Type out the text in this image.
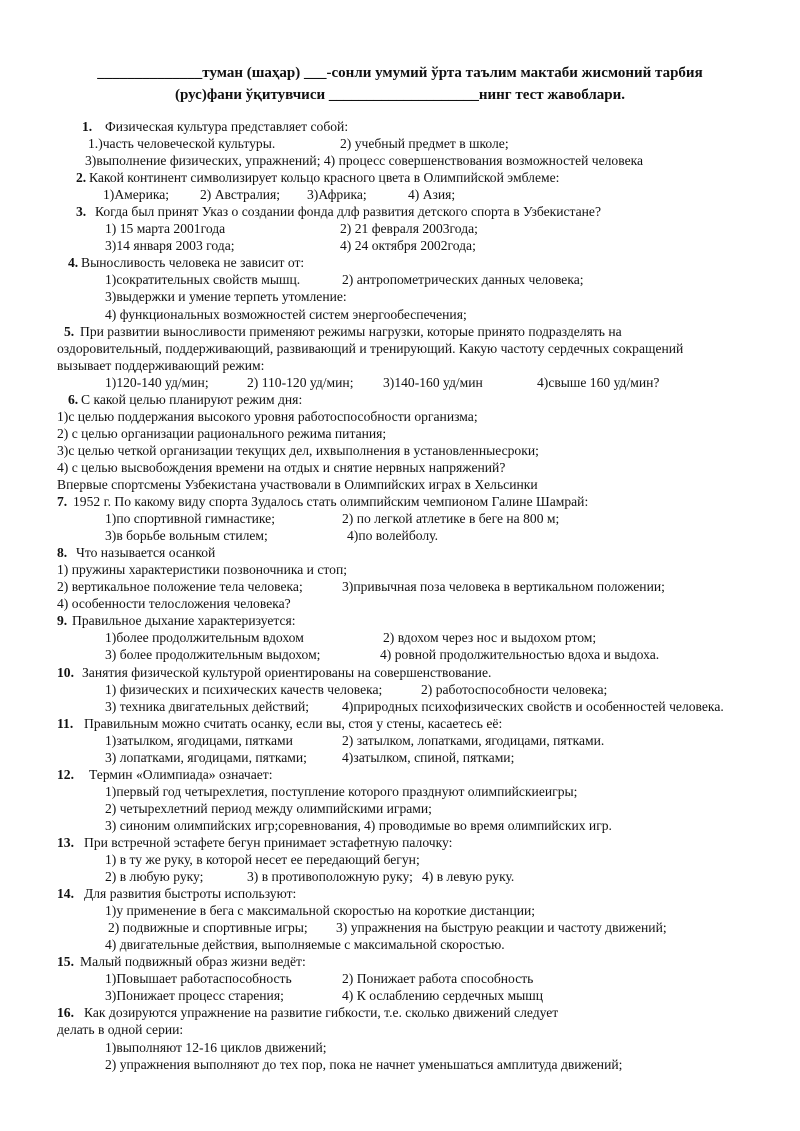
______________туман (шаҳар) ___-сонли умумий ўрта таълим мактаби жисмоний тарбия
(рус)фани ўқитувчиси ____________________нинг тест жавоблари.
1. Физическая культура представляет собой:
1.)часть человеческой культуры.	2) учебный предмет в школе;
3)выполнение физических, упражнений; 4) процесс совершенствования возможностей человека
2. Какой континент символизирует кольцо красного цвета в Олимпийской эмблеме:
1)Америка; 2) Австралия; 3)Африка;	4) Азия;
3. Когда был принят Указ о создании фонда длф развития детского спорта в Узбекистане?
1) 15 марта 2001года	2) 21 февраля 2003года;
3)14 января 2003 года;	4) 24 октября 2002года;
4. Выносливость человека не зависит от:
1)сократительных свойств мышц.	2) антропометрических данных человека;
3)выдержки и умение терпеть утомление:
4) функциональных возможностей систем энергообеспечения;
5. При развитии выносливости применяют режимы нагрузки, которые принято подразделять на
оздоровительный, поддерживающий, развивающий и тренирующий. Какую частоту сердечных сокращений
вызывает поддерживающий режим:
1)120-140 уд/мин;	2) 110-120 уд/мин; 3)140-160 уд/мин	4)свыше 160 уд/мин?
6. С какой целью планируют режим дня:
1)с целью поддержания высокого уровня работоспособности организма;
2) с целью организации рационального режима питания;
3)с целью четкой организации текущих дел, ихвыполнения в установленныесроки;
4) с целью высвобождения времени на отдых и снятие нервных напряжений?
Впервые спортсмены Узбекистана участвовали в Олимпийских играх в Хельсинки
7. 1952 г. По какому виду спорта Зудалось стать олимпийским чемпионом Галине Шамрай:
1)по спортивной гимнастике;	2) по легкой атлетике в беге на 800 м;
3)в борьбе вольным стилем;	4)по волейболу.
8. Что называется осанкой
1) пружины характеристики позвоночника и стоп;
2) вертикальное положение тела человека;	3)привычная поза человека в вертикальном положении;
4) особенности телосложения человека?
9. Правильное дыхание характеризуется:
1)более продолжительным вдохом	2) вдохом через нос и выдохом ртом;
3) более продолжительным выдохом;	4) ровной продолжительностью вдоха и выдоха.
10. Занятия физической культурой ориентированы на совершенствование.
1) физических и психических качеств человека;	2) работоспособности человека;
3) техника двигательных действий; 4)природных психофизических свойств и особенностей человека.
11. Правильным можно считать осанку, если вы, стоя у стены, касаетесь её:
1)затылком, ягодицами, пятками	2) затылком, лопатками, ягодицами, пятками.
3) лопатками, ягодицами, пятками;	4)затылком, спиной, пятками;
12. Термин «Олимпиада» означает:
1)первый год четырехлетия, поступление которого празднуют олимпийскиеигры;
2) четырехлетний период между олимпийскими играми;
3) синоним олимпийских игр;соревнования, 4) проводимые во время олимпийских игр.
13. При встречной эстафете бегун принимает эстафетную палочку:
1) в ту же руку, в которой несет ее передающий бегун;
2) в любую руку;	3) в противоположную руку; 4) в левую руку.
14. Для развития быстроты используют:
1)у применение в бега с максимальной скоростью на короткие дистанции;
2) подвижные и спортивные игры; 3) упражнения на быструю реакции и частоту движений;
4) двигательные действия, выполняемые с максимальной скоростью.
15. Малый подвижный образ жизни ведёт:
1)Повышает работаспособность	2) Понижает работа способность
3)Понижает процесс старения;	4) К ослаблению сердечных мышц
16. Как дозируются упражнение на развитие гибкости, т.е. сколько движений следует
делать в одной серии:
1)выполняют 12-16 циклов движений;
2) упражнения выполняют до тех пор, пока не начнет уменьшаться амплитуда движений;
